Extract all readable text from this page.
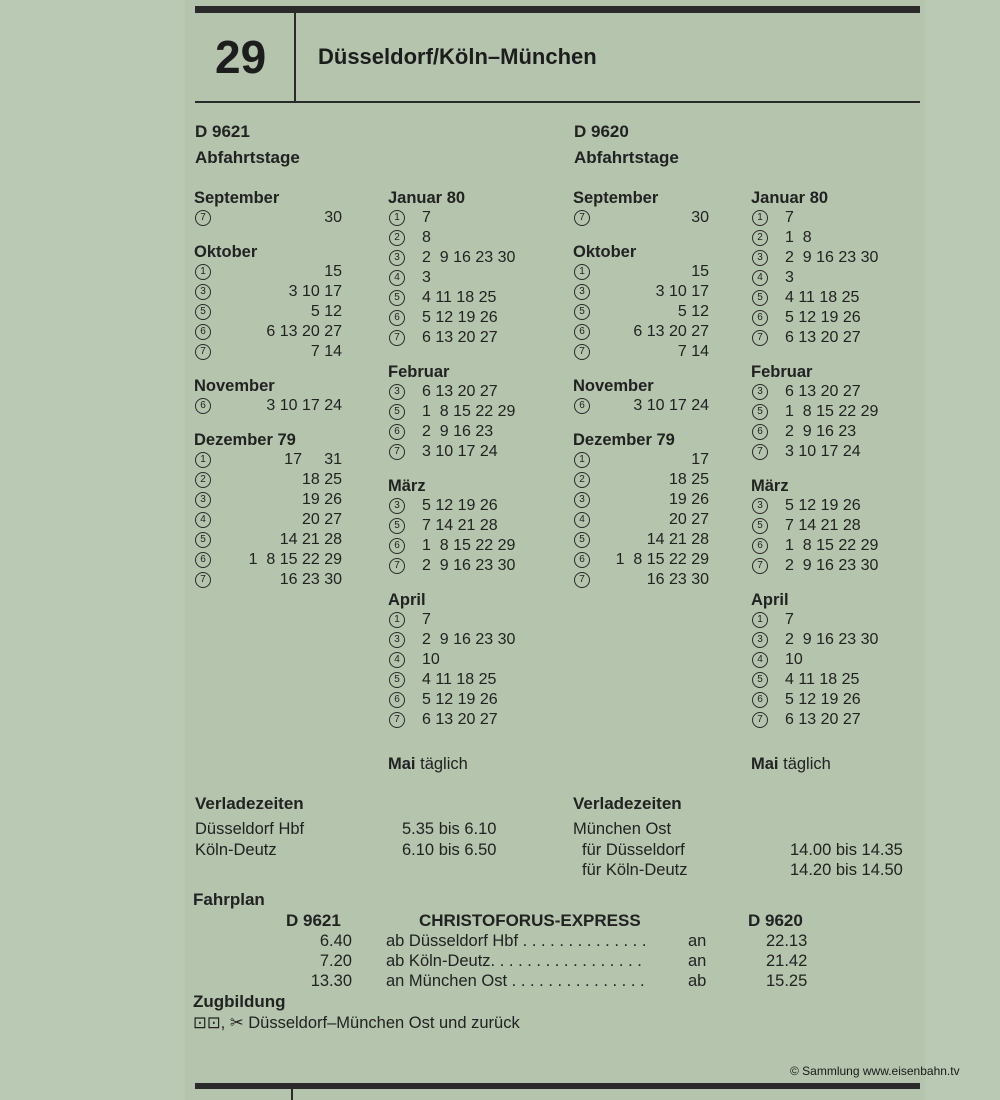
29 Düsseldorf/Köln–München
D 9621
Abfahrtstage
September
7	30
Oktober
1	15
3	3 10 17
5	5 12
6	6 13 20 27
7	7 14
November
6	3 10 17 24
Dezember 79
1	17     31
2	18 25
3	19 26
4	20 27
5	14 21 28
6	1  8 15 22 29
7	16 23 30
Januar 80
1	7
2	8
3	2  9 16 23 30
4	3
5	4 11 18 25
6	5 12 19 26
7	6 13 20 27
Februar
3	6 13 20 27
5	1  8 15 22 29
6	2  9 16 23
7	3 10 17 24
März
3	5 12 19 26
5	7 14 21 28
6	1  8 15 22 29
7	2  9 16 23 30
April
1	7
3	2  9 16 23 30
4	10
5	4 11 18 25
6	5 12 19 26
7	6 13 20 27
Mai täglich
D 9620
Abfahrtstage
September
7	30
Oktober
1	15
3	3 10 17
5	5 12
6	6 13 20 27
7	7 14
November
6	3 10 17 24
Dezember 79
1	17
2	18 25
3	19 26
4	20 27
5	14 21 28
6	1  8 15 22 29
7	16 23 30
Januar 80
1	7
2	1  8
3	2  9 16 23 30
4	3
5	4 11 18 25
6	5 12 19 26
7	6 13 20 27
Februar
3	6 13 20 27
5	1  8 15 22 29
6	2  9 16 23
7	3 10 17 24
März
3	5 12 19 26
5	7 14 21 28
6	1  8 15 22 29
7	2  9 16 23 30
April
1	7
3	2  9 16 23 30
4	10
5	4 11 18 25
6	5 12 19 26
7	6 13 20 27
Mai täglich
Verladezeiten
Düsseldorf Hbf	5.35 bis 6.10
Köln-Deutz	6.10 bis 6.50
Verladezeiten
München Ost
für Düsseldorf	14.00 bis 14.35
für Köln-Deutz	14.20 bis 14.50
Fahrplan
D 9621	CHRISTOFORUS-EXPRESS	D 9620
6.40 ab Düsseldorf Hbf . . . . . . . . . . . . . .	an	22.13
7.20 ab Köln-Deutz. . . . . . . . . . . . . . . . .	an	21.42
13.30 an München Ost . . . . . . . . . . . . . . .	ab	15.25
Zugbildung
⊡⊡, ✂ Düsseldorf–München Ost und zurück
© Sammlung www.eisenbahn.tv
